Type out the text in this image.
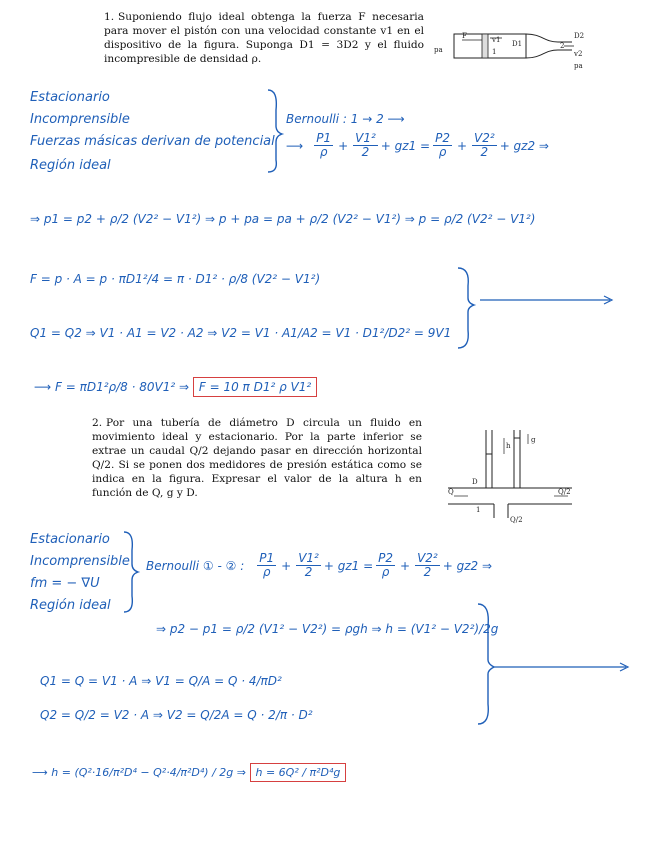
1. Suponiendo flujo ideal obtenga la fuerza F necesaria para mover el pistón con una velocidad constante v1 en el dispositivo de la figura. Suponga D1 = 3D2 y el fluido incompresible de densidad ρ.
pa
F	v1
1
D1
D2
2
v2
pa
Estacionario
Incomprensible
Fuerzas másicas derivan de potencial
Región ideal
Bernoulli : 1 → 2 ⟶
⟶ $\frac{P1}{\rho} + \frac{\text{V1²}}{2} + gz1 = \frac{P2}{\rho} + \frac{\text{V2²}}{2} + gz2$ ⇒
⇒ p1 = p2 + ρ/2 (V2² − V1²) ⇒ p + pa = pa + ρ/2 (V2² − V1²) ⇒ p = ρ/2 (V2² − V1²)
F = p · A = p · πD1²/4 = π · D1² · ρ/8 (V2² − V1²)
Q1 = Q2 ⇒ V1 · A1 = V2 · A2 ⇒ V2 = V1 · A1/A2 = V1 · D1²/D2² = 9V1
⟶ F = πD1²ρ/8 · 80V1² ⇒ F = 10 π D1² ρ V1²
2. Por una tubería de diámetro D circula un fluido en movimiento ideal y estacionario. Por la parte inferior se extrae un caudal Q/2 dejando pasar en dirección horizontal Q/2. Si se ponen dos medidores de presión estática como se indica en la figura. Expresar el valor de la altura h en función de Q, g y D.
h
g
D
Q	Q/2
Q/2
1
Estacionario
Incomprensible
fm = − ∇U
Región ideal
Bernoulli ① - ② : $\frac{P1}{\rho} + \frac{\text{V1²}}{2} + gz1 = \frac{P2}{\rho} + \frac{\text{V2²}}{2} + gz2$ ⇒
⇒ p2 − p1 = ρ/2 (V1² − V2²) = ρgh ⇒ h = (V1² − V2²)/2g
Q1 = Q = V1 · A ⇒ V1 = Q/A = Q · 4/πD²
Q2 = Q/2 = V2 · A ⇒ V2 = Q/2A = Q · 2/π · D²
⟶ h = (Q²·16/π²D⁴ − Q²·4/π²D⁴) / 2g ⇒ h = 6Q² / π²D⁴g
